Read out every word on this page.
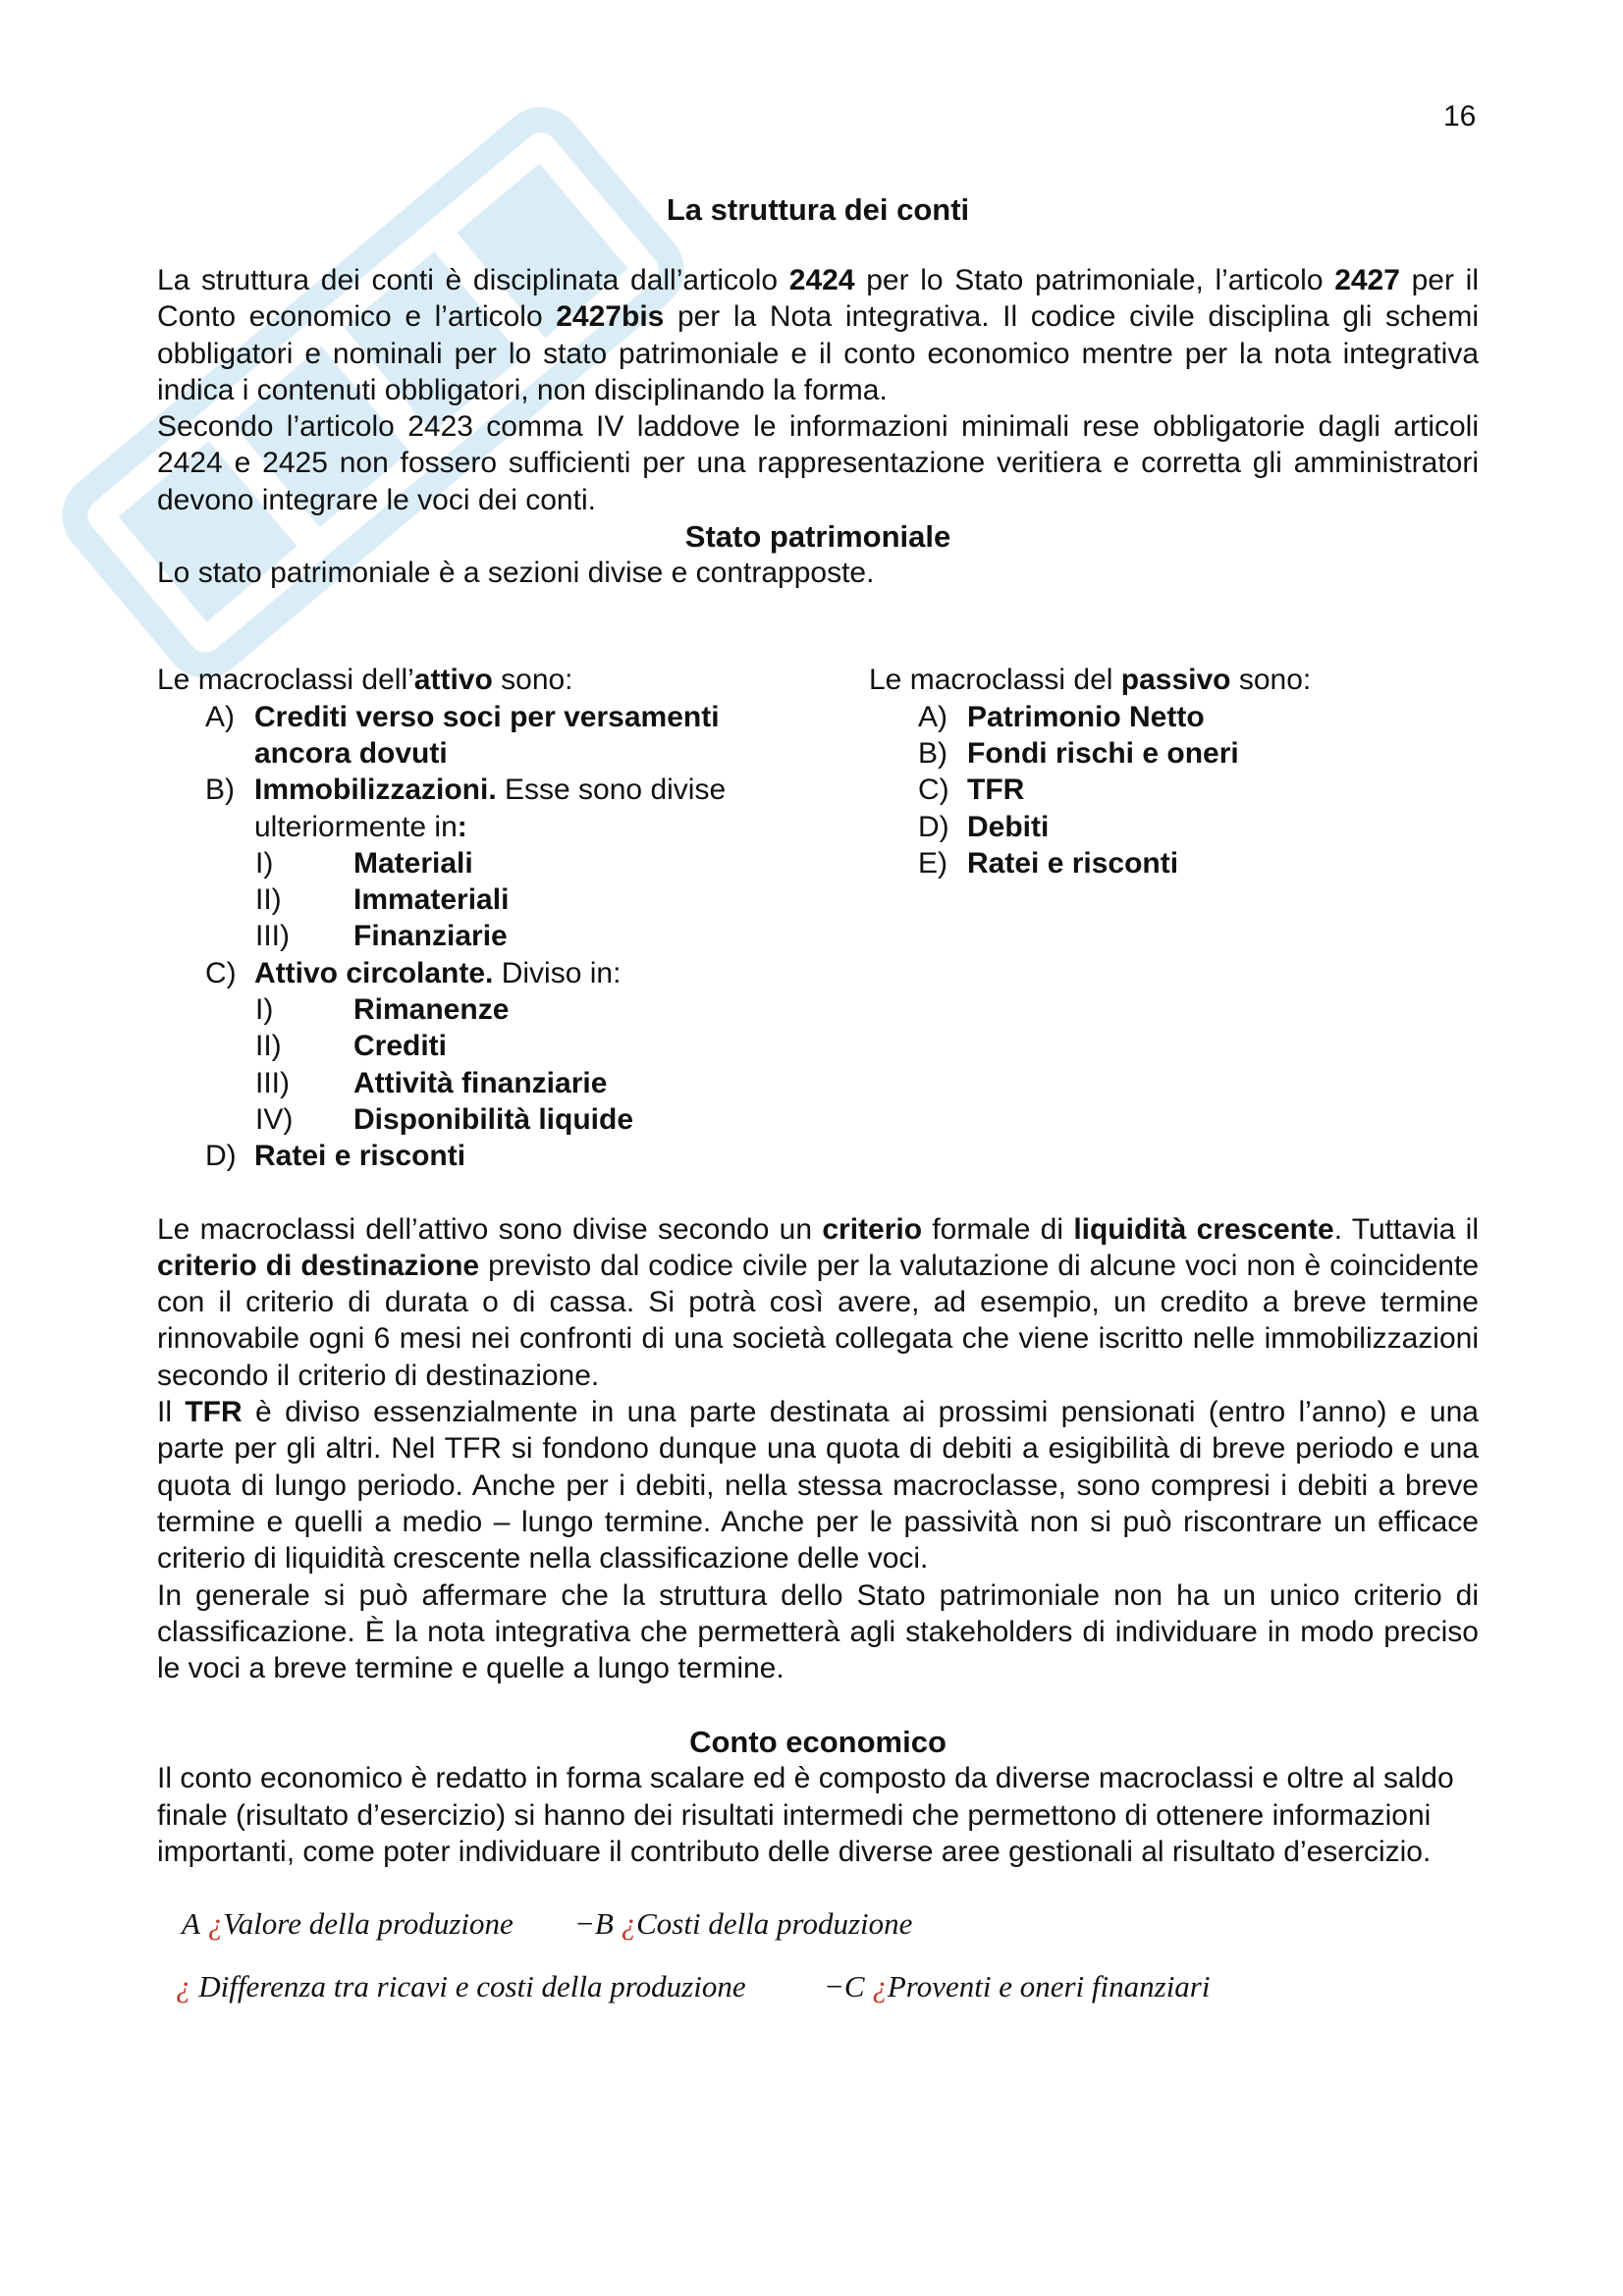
16
La struttura dei conti

La struttura dei conti è disciplinata dall’articolo 2424 per lo Stato patrimoniale, l’articolo 2427 per il Conto economico e l’articolo 2427bis per la Nota integrativa. Il codice civile disciplina gli schemi obbligatori e nominali per lo stato patrimoniale e il conto economico mentre per la nota integrativa indica i contenuti obbligatori, non disciplinando la forma.

Secondo l’articolo 2423 comma IV laddove le informazioni minimali rese obbligatorie dagli articoli 2424 e 2425 non fossero sufficienti per una rappresentazione veritiera e corretta gli amministratori devono integrare le voci dei conti.

Stato patrimoniale

Lo stato patrimoniale è a sezioni divise e contrapposte.

Le macroclassi dell’attivo sono:
A) Crediti verso soci per versamenti ancora dovuti
B) Immobilizzazioni. Esse sono divise ulteriormente in:
I)	Materiali
II)	Immateriali
III)	Finanziarie
C) Attivo circolante. Diviso in:
I)	Rimanenze
II)	Crediti
III)	Attività finanziarie
IV)	Disponibilità liquide
D) Ratei e risconti
Le macroclassi del passivo sono:
A) Patrimonio Netto
B) Fondi rischi e oneri
C) TFR
D) Debiti
E) Ratei e risconti

Le macroclassi dell’attivo sono divise secondo un criterio formale di liquidità crescente. Tuttavia il criterio di destinazione previsto dal codice civile per la valutazione di alcune voci non è coincidente con il criterio di durata o di cassa. Si potrà così avere, ad esempio, un credito a breve termine rinnovabile ogni 6 mesi nei confronti di una società collegata che viene iscritto nelle immobilizzazioni secondo il criterio di destinazione.

Il TFR è diviso essenzialmente in una parte destinata ai prossimi pensionati (entro l’anno) e una parte per gli altri. Nel TFR si fondono dunque una quota di debiti a esigibilità di breve periodo e una quota di lungo periodo. Anche per i debiti, nella stessa macroclasse, sono compresi i debiti a breve termine e quelli a medio – lungo termine. Anche per le passività non si può riscontrare un efficace criterio di liquidità crescente nella classificazione delle voci.

In generale si può affermare che la struttura dello Stato patrimoniale non ha un unico criterio di classificazione. È la nota integrativa che permetterà agli stakeholders di individuare in modo preciso le voci a breve termine e quelle a lungo termine.

Conto economico

Il conto economico è redatto in forma scalare ed è composto da diverse macroclassi e oltre al saldo finale (risultato d’esercizio) si hanno dei risultati intermedi che permettono di ottenere informazioni importanti, come poter individuare il contributo delle diverse aree gestionali al risultato d’esercizio.

A ¿Valore della produzione	−B ¿Costi della produzione
¿ Differenza tra ricavi e costi della produzione	−C ¿Proventi e oneri finanziari
